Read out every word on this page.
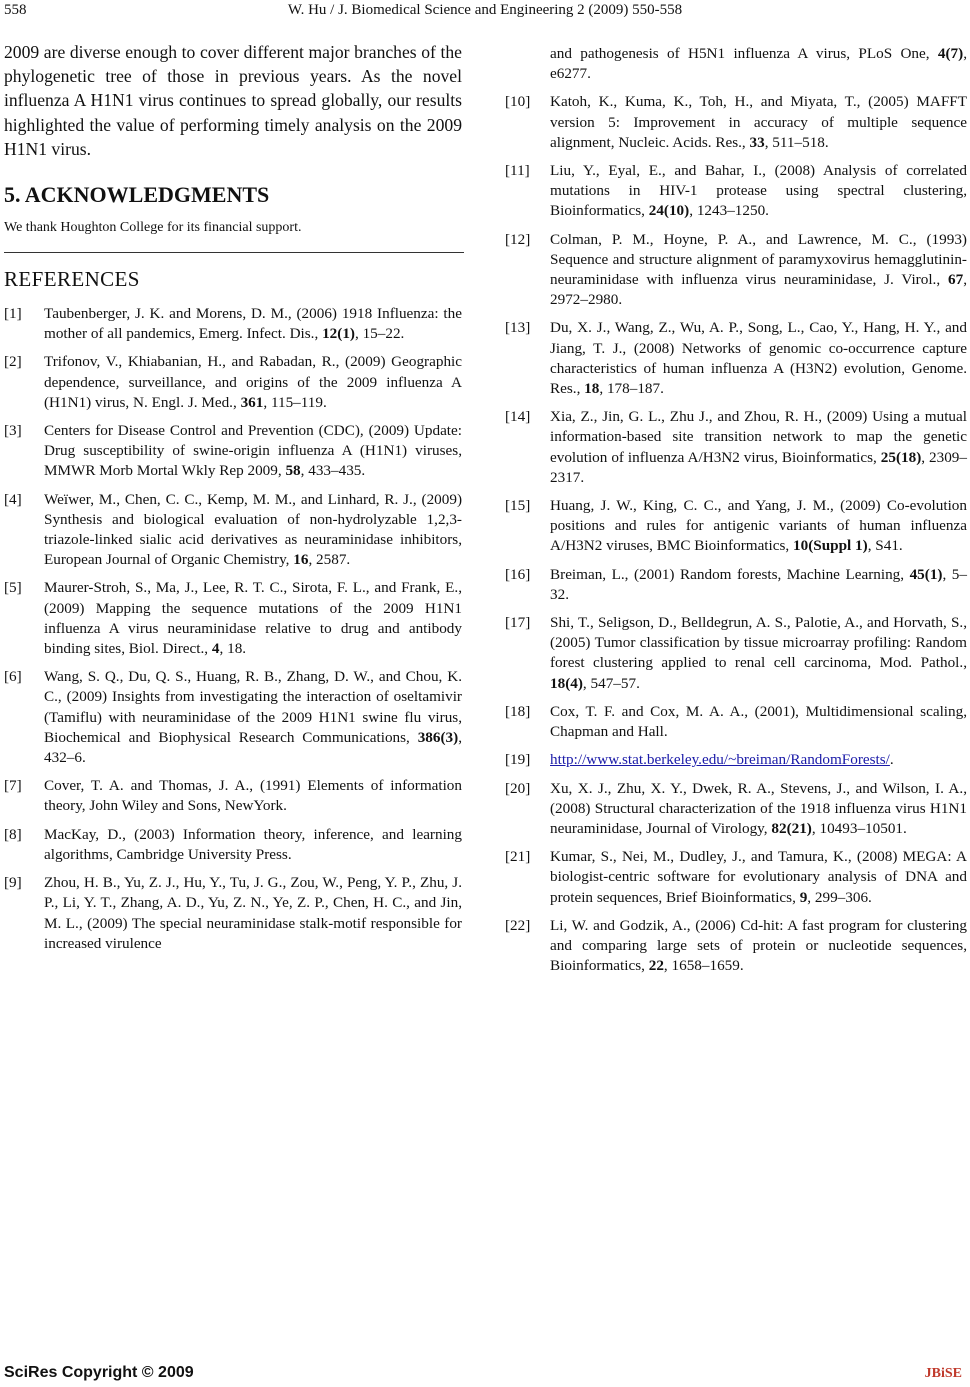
558	W. Hu / J. Biomedical Science and Engineering 2 (2009) 550-558

2009 are diverse enough to cover different major branches of the phylogenetic tree of those in previous years. As the novel influenza A H1N1 virus continues to spread globally, our results highlighted the value of performing timely analysis on the 2009 H1N1 virus.

5. ACKNOWLEDGMENTS

We thank Houghton College for its financial support.

REFERENCES

[1] Taubenberger, J. K. and Morens, D. M., (2006) 1918 Influenza: the mother of all pandemics, Emerg. Infect. Dis., 12(1), 15–22.

[2] Trifonov, V., Khiabanian, H., and Rabadan, R., (2009) Geographic dependence, surveillance, and origins of the 2009 influenza A (H1N1) virus, N. Engl. J. Med., 361, 115–119.

[3] Centers for Disease Control and Prevention (CDC), (2009) Update: Drug susceptibility of swine-origin influenza A (H1N1) viruses, MMWR Morb Mortal Wkly Rep 2009, 58, 433–435.

[4] Weïwer, M., Chen, C. C., Kemp, M. M., and Linhard, R. J., (2009) Synthesis and biological evaluation of non-hydrolyzable 1,2,3-triazole-linked sialic acid derivatives as neuraminidase inhibitors, European Journal of Organic Chemistry, 16, 2587.

[5] Maurer-Stroh, S., Ma, J., Lee, R. T. C., Sirota, F. L., and Frank, E., (2009) Mapping the sequence mutations of the 2009 H1N1 influenza A virus neuraminidase relative to drug and antibody binding sites, Biol. Direct., 4, 18.

[6] Wang, S. Q., Du, Q. S., Huang, R. B., Zhang, D. W., and Chou, K. C., (2009) Insights from investigating the interaction of oseltamivir (Tamiflu) with neuraminidase of the 2009 H1N1 swine flu virus, Biochemical and Biophysical Research Communications, 386(3), 432–6.

[7] Cover, T. A. and Thomas, J. A., (1991) Elements of information theory, John Wiley and Sons, NewYork.

[8] MacKay, D., (2003) Information theory, inference, and learning algorithms, Cambridge University Press.

[9] Zhou, H. B., Yu, Z. J., Hu, Y., Tu, J. G., Zou, W., Peng, Y. P., Zhu, J. P., Li, Y. T., Zhang, A. D., Yu, Z. N., Ye, Z. P., Chen, H. C., and Jin, M. L., (2009) The special neuraminidase stalk-motif responsible for increased virulence

and pathogenesis of H5N1 influenza A virus, PLoS One, 4(7), e6277.

[10] Katoh, K., Kuma, K., Toh, H., and Miyata, T., (2005) MAFFT version 5: Improvement in accuracy of multiple sequence alignment, Nucleic. Acids. Res., 33, 511–518.

[11] Liu, Y., Eyal, E., and Bahar, I., (2008) Analysis of correlated mutations in HIV-1 protease using spectral clustering, Bioinformatics, 24(10), 1243–1250.

[12] Colman, P. M., Hoyne, P. A., and Lawrence, M. C., (1993) Sequence and structure alignment of paramyxovirus hemagglutinin-neuraminidase with influenza virus neuraminidase, J. Virol., 67, 2972–2980.

[13] Du, X. J., Wang, Z., Wu, A. P., Song, L., Cao, Y., Hang, H. Y., and Jiang, T. J., (2008) Networks of genomic co-occurrence capture characteristics of human influenza A (H3N2) evolution, Genome. Res., 18, 178–187.

[14] Xia, Z., Jin, G. L., Zhu J., and Zhou, R. H., (2009) Using a mutual information-based site transition network to map the genetic evolution of influenza A/H3N2 virus, Bioinformatics, 25(18), 2309–2317.

[15] Huang, J. W., King, C. C., and Yang, J. M., (2009) Co-evolution positions and rules for antigenic variants of human influenza A/H3N2 viruses, BMC Bioinformatics, 10(Suppl 1), S41.

[16] Breiman, L., (2001) Random forests, Machine Learning, 45(1), 5–32.

[17] Shi, T., Seligson, D., Belldegrun, A. S., Palotie, A., and Horvath, S., (2005) Tumor classification by tissue microarray profiling: Random forest clustering applied to renal cell carcinoma, Mod. Pathol., 18(4), 547–57.

[18] Cox, T. F. and Cox, M. A. A., (2001), Multidimensional scaling, Chapman and Hall.

[19] http://www.stat.berkeley.edu/~breiman/RandomForests/.

[20] Xu, X. J., Zhu, X. Y., Dwek, R. A., Stevens, J., and Wilson, I. A., (2008) Structural characterization of the 1918 influenza virus H1N1 neuraminidase, Journal of Virology, 82(21), 10493–10501.

[21] Kumar, S., Nei, M., Dudley, J., and Tamura, K., (2008) MEGA: A biologist-centric software for evolutionary analysis of DNA and protein sequences, Brief Bioinformatics, 9, 299–306.

[22] Li, W. and Godzik, A., (2006) Cd-hit: A fast program for clustering and comparing large sets of protein or nucleotide sequences, Bioinformatics, 22, 1658–1659.

SciRes Copyright © 2009	JBiSE
